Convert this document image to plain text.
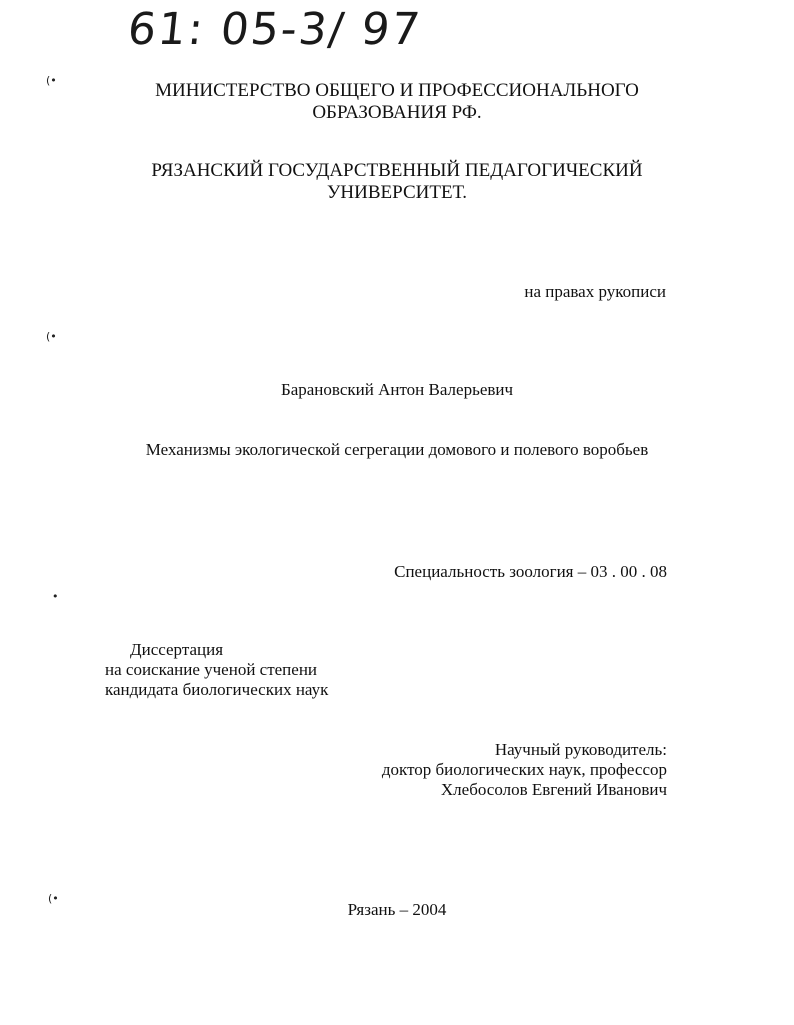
61: 05-3/ 97
(•
(•
•
(•
МИНИСТЕРСТВО ОБЩЕГО И ПРОФЕССИОНАЛЬНОГО
ОБРАЗОВАНИЯ РФ.
РЯЗАНСКИЙ ГОСУДАРСТВЕННЫЙ ПЕДАГОГИЧЕСКИЙ
УНИВЕРСИТЕТ.
на правах рукописи
Барановский Антон Валерьевич
Механизмы экологической сегрегации домового и полевого воробьев
Специальность зоология – 03 . 00 . 08
Диссертация
на соискание ученой степени
кандидата биологических наук
Научный руководитель:
доктор биологических наук, профессор
Хлебосолов Евгений Иванович
Рязань – 2004
